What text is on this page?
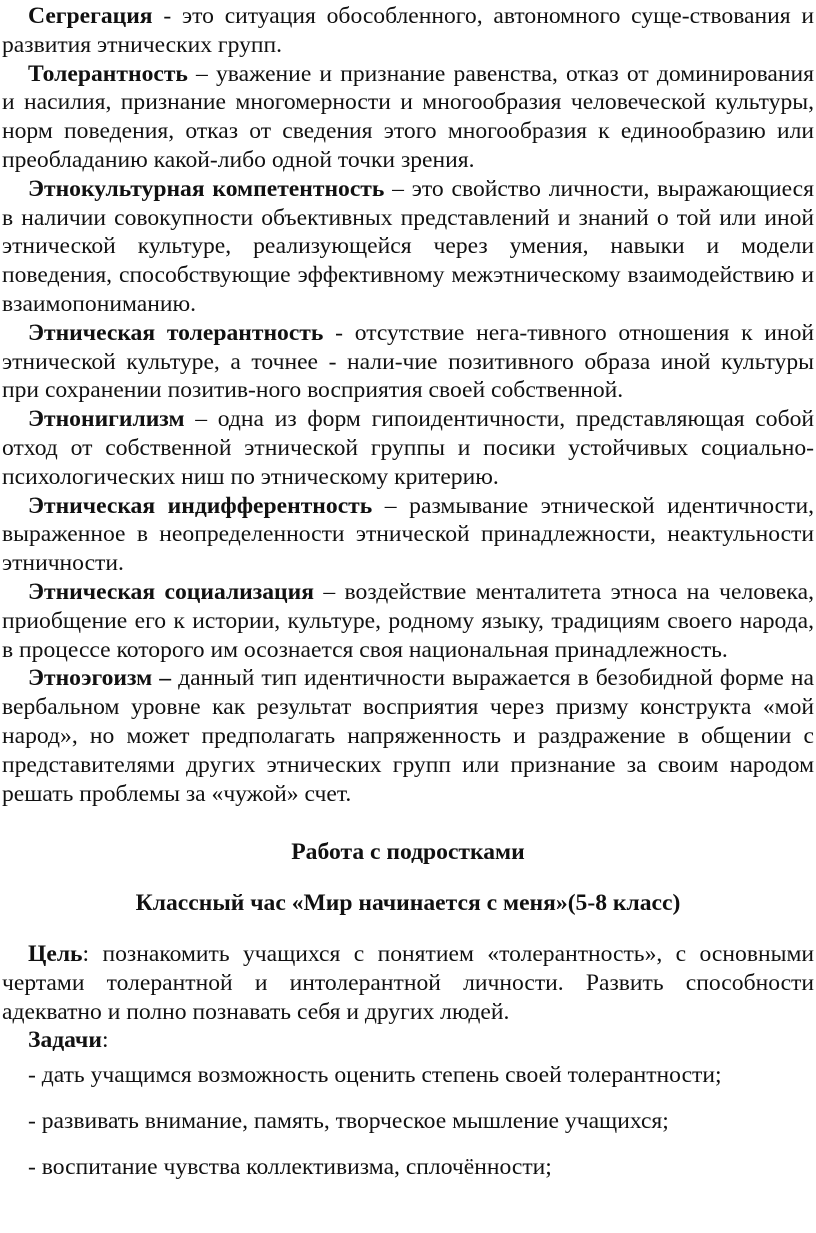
Сегрегация - это ситуация обособленного, автономного суще-ствования и развития этнических групп.

Толерантность – уважение и признание равенства, отказ от доминирования и насилия, признание многомерности и многообразия человеческой культуры, норм поведения, отказ от сведения этого многообразия к единообразию или преобладанию какой-либо одной точки зрения.

Этнокультурная компетентность – это свойство личности, выражающиеся в наличии совокупности объективных представлений и знаний о той или иной этнической культуре, реализующейся через умения, навыки и модели поведения, способствующие эффективному межэтническому взаимодействию и взаимопониманию.

Этническая толерантность - отсутствие нега-тивного отношения к иной этнической культуре, а точнее - нали-чие позитивного образа иной культуры при сохранении позитив-ного восприятия своей собственной.

Этнонигилизм – одна из форм гипоидентичности, представляющая собой отход от собственной этнической группы и посики устойчивых социально-психологических ниш по этническому критерию.

Этническая индифферентность – размывание этнической идентичности, выраженное в неопределенности этнической принадлежности, неактульности этничности.

Этническая социализация – воздействие менталитета этноса на человека, приобщение его к истории, культуре, родному языку, традициям своего народа, в процессе которого им осознается своя национальная принадлежность.

Этноэгоизм – данный тип идентичности выражается в безобидной форме на вербальном уровне как результат восприятия через призму конструкта «мой народ», но может предполагать напряженность и раздражение в общении с представителями других этнических групп или признание за своим народом решать проблемы за «чужой» счет.

Работа с подростками

Классный час «Мир начинается с меня»(5-8 класс)

Цель: познакомить учащихся с понятием «толерантность», с основными чертами толерантной и интолерантной личности. Развить способности адекватно и полно познавать себя и других людей.

Задачи:

- дать учащимся возможность оценить степень своей толерантности;

- развивать внимание, память, творческое мышление учащихся;

- воспитание чувства коллективизма, сплочённости;
